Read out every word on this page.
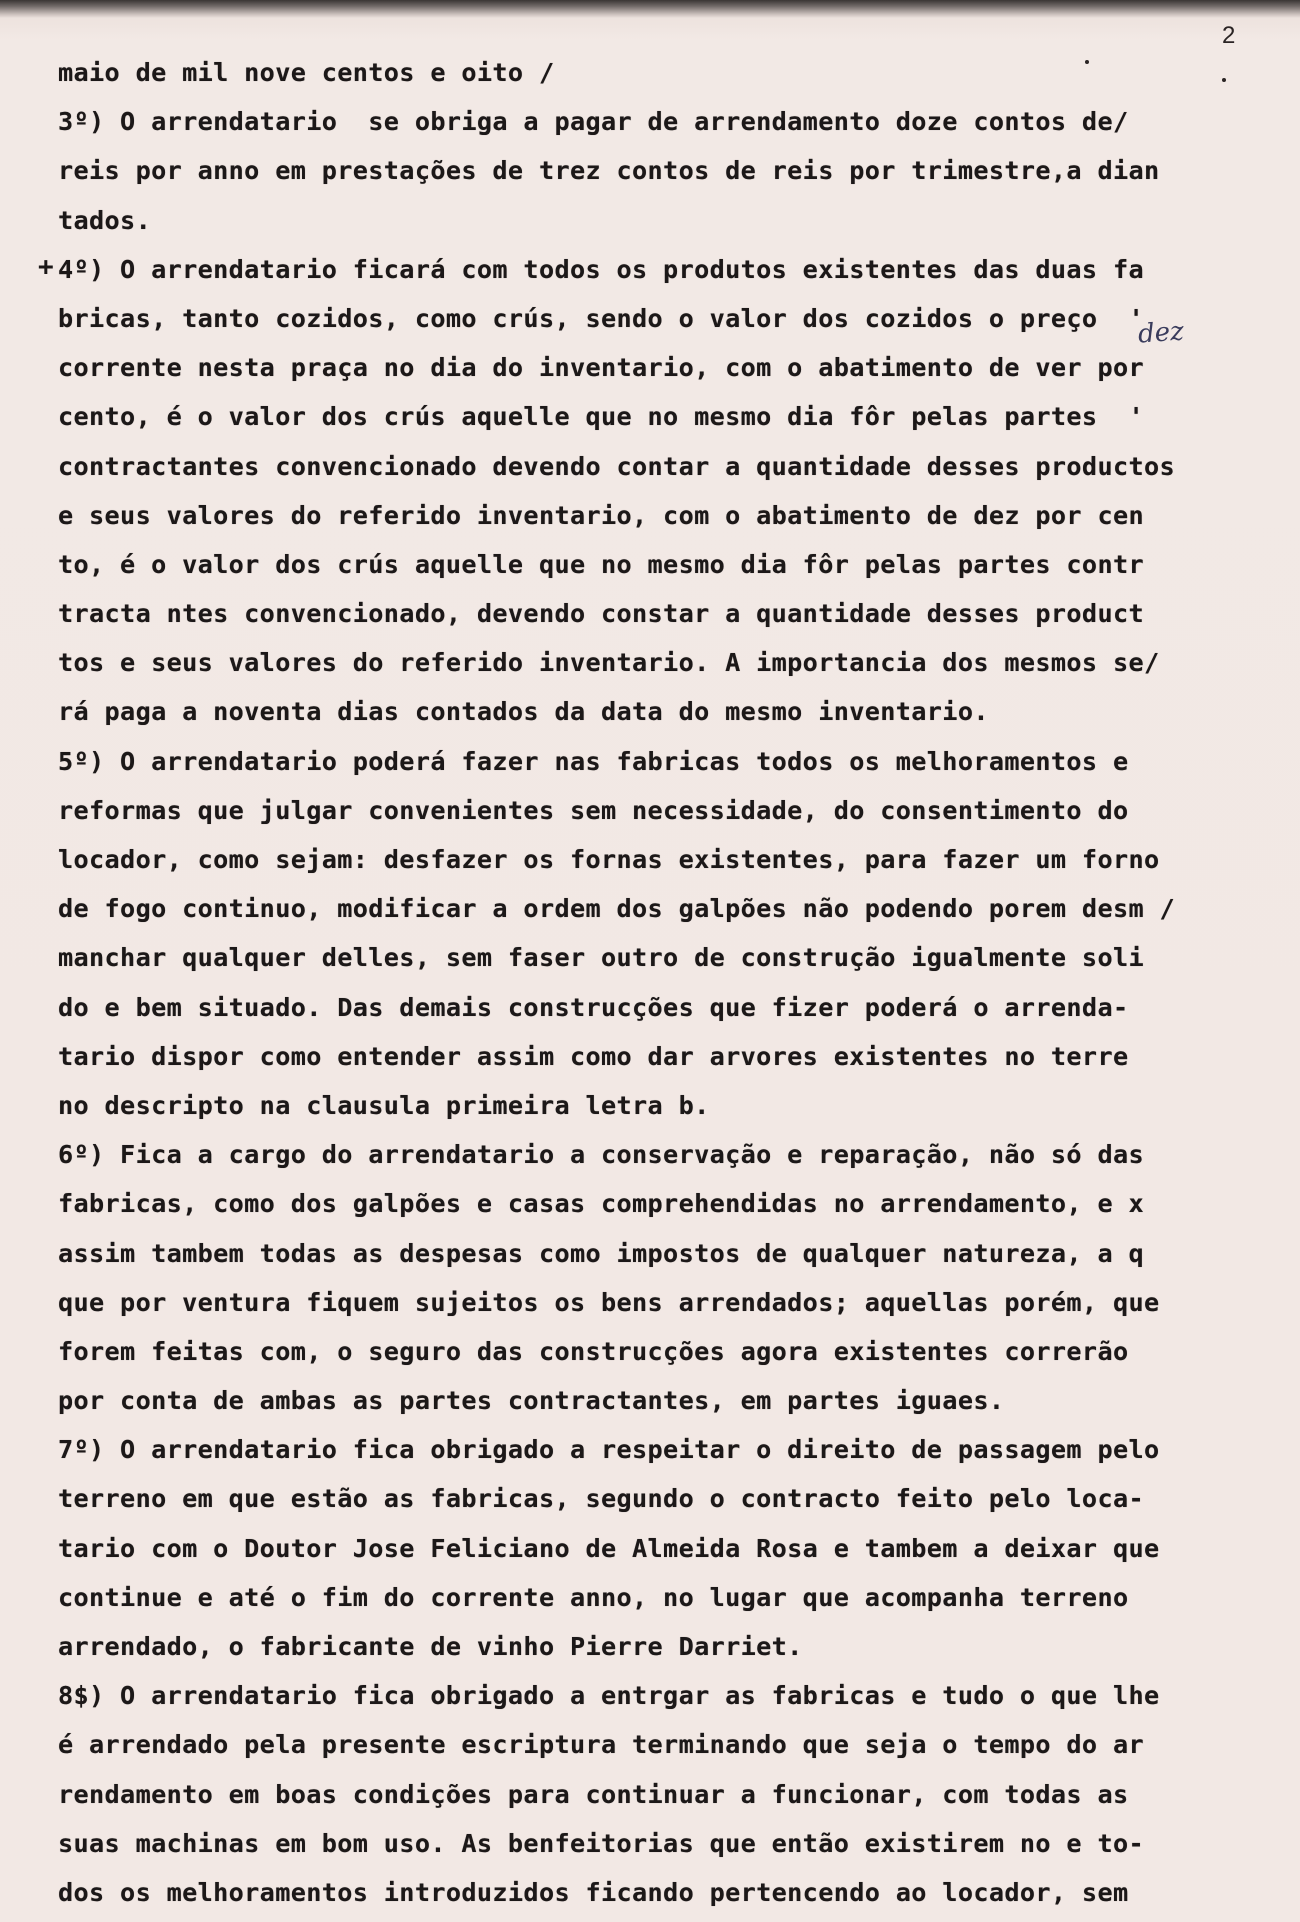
2
+
dez
maio de mil nove centos e oito /
3º) O arrendatario  se obriga a pagar de arrendamento doze contos de/
reis por anno em prestações de trez contos de reis por trimestre,a dian
tados.
4º) O arrendatario ficará com todos os produtos existentes das duas fa
bricas, tanto cozidos, como crús, sendo o valor dos cozidos o preço  '
corrente nesta praça no dia do inventario, com o abatimento de ver por
cento, é o valor dos crús aquelle que no mesmo dia fôr pelas partes  '
contractantes convencionado devendo contar a quantidade desses productos
e seus valores do referido inventario, com o abatimento de dez por cen
to, é o valor dos crús aquelle que no mesmo dia fôr pelas partes contr
tracta ntes convencionado, devendo constar a quantidade desses product
tos e seus valores do referido inventario. A importancia dos mesmos se/
rá paga a noventa dias contados da data do mesmo inventario.
5º) O arrendatario poderá fazer nas fabricas todos os melhoramentos e
reformas que julgar convenientes sem necessidade, do consentimento do
locador, como sejam: desfazer os fornas existentes, para fazer um forno
de fogo continuo, modificar a ordem dos galpões não podendo porem desm /
manchar qualquer delles, sem faser outro de construção igualmente soli
do e bem situado. Das demais construcções que fizer poderá o arrenda-
tario dispor como entender assim como dar arvores existentes no terre
no descripto na clausula primeira letra b.
6º) Fica a cargo do arrendatario a conservação e reparação, não só das
fabricas, como dos galpões e casas comprehendidas no arrendamento, e x
assim tambem todas as despesas como impostos de qualquer natureza, a q
que por ventura fiquem sujeitos os bens arrendados; aquellas porém, que
forem feitas com, o seguro das construcções agora existentes correrão
por conta de ambas as partes contractantes, em partes iguaes.
7º) O arrendatario fica obrigado a respeitar o direito de passagem pelo
terreno em que estão as fabricas, segundo o contracto feito pelo loca-
tario com o Doutor Jose Feliciano de Almeida Rosa e tambem a deixar que
continue e até o fim do corrente anno, no lugar que acompanha terreno
arrendado, o fabricante de vinho Pierre Darriet.
8$) O arrendatario fica obrigado a entrgar as fabricas e tudo o que lhe
é arrendado pela presente escriptura terminando que seja o tempo do ar
rendamento em boas condições para continuar a funcionar, com todas as
suas machinas em bom uso. As benfeitorias que então existirem no e to-
dos os melhoramentos introduzidos ficando pertencendo ao locador, sem
